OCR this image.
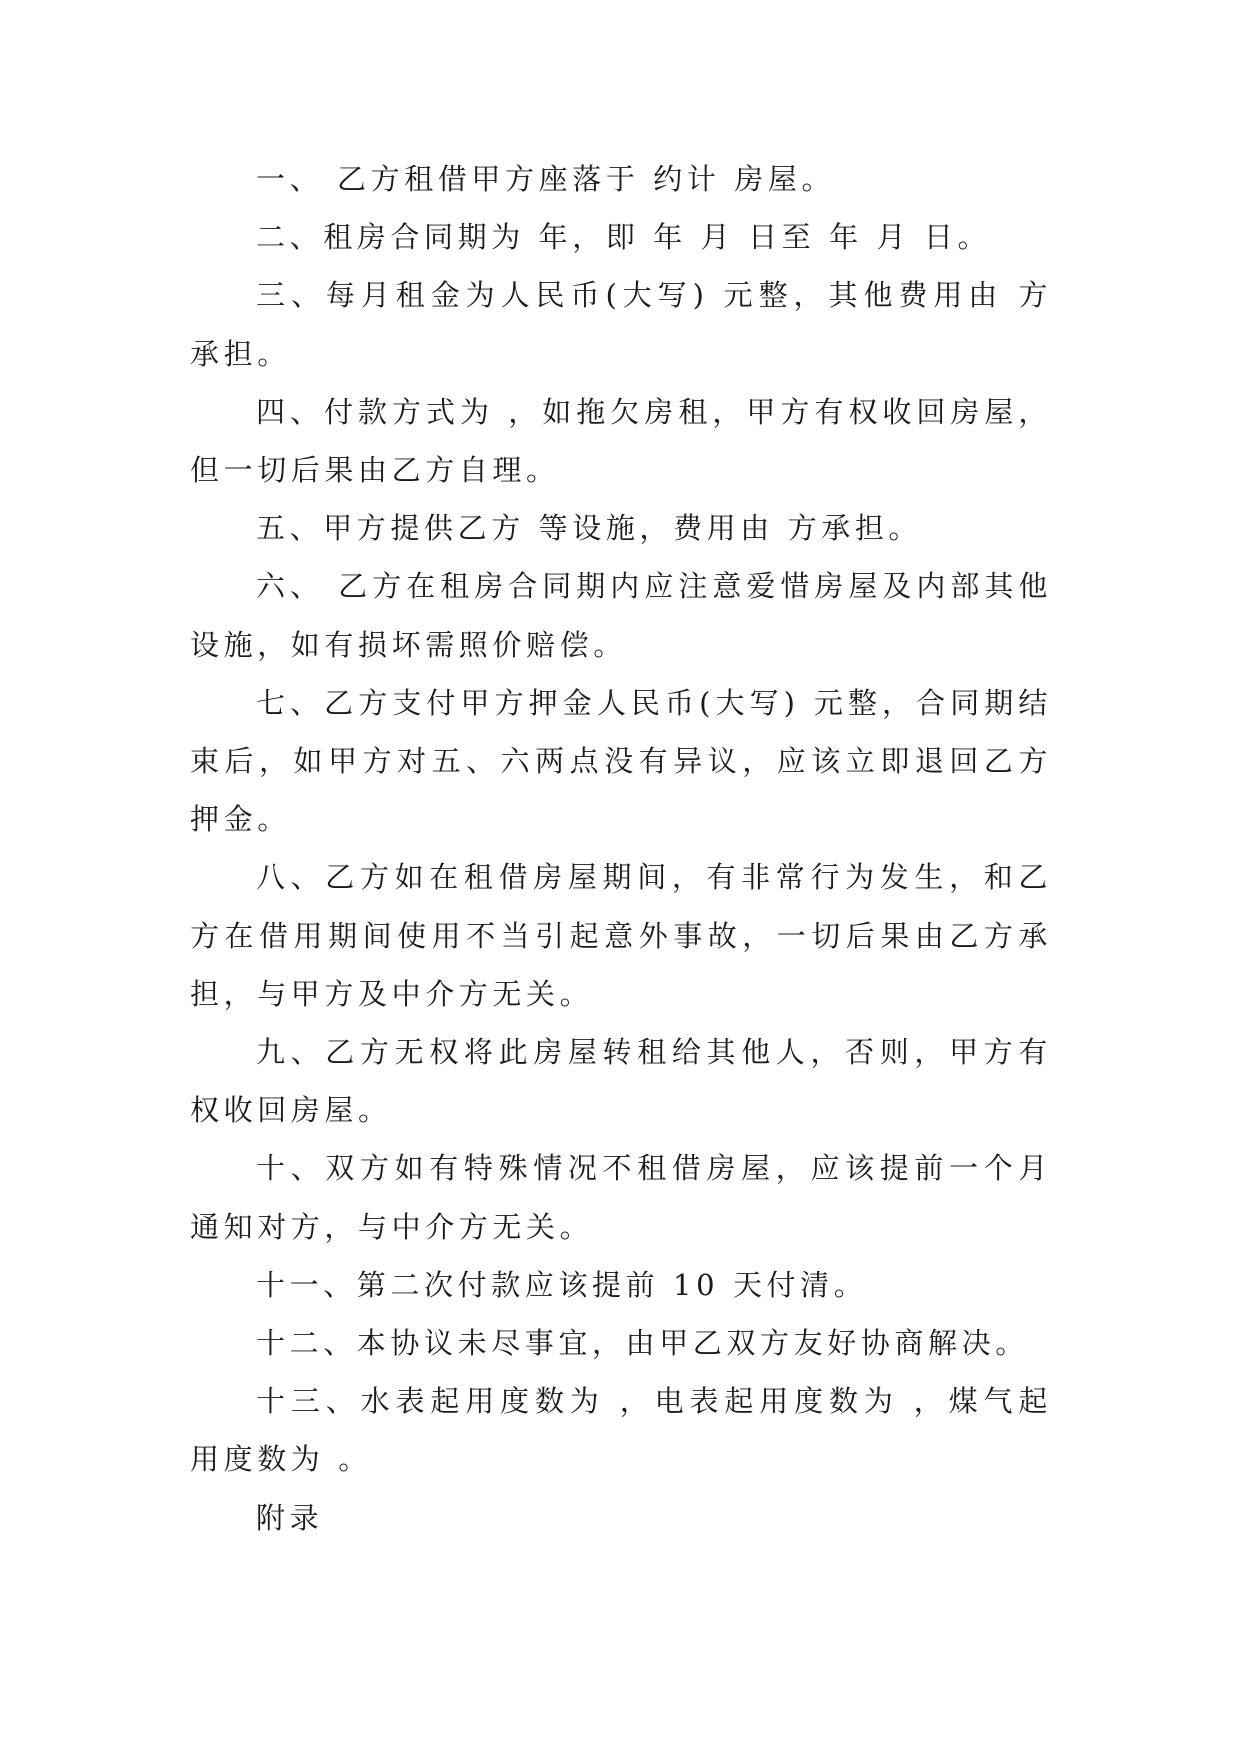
一、 乙方租借甲方座落于 约计 房屋。

二、租房合同期为 年，即 年 月 日至 年 月 日。

三、每月租金为人民币(大写) 元整，其他费用由 方承担。

四、付款方式为 ，如拖欠房租，甲方有权收回房屋，但一切后果由乙方自理。

五、甲方提供乙方 等设施，费用由 方承担。

六、 乙方在租房合同期内应注意爱惜房屋及内部其他设施，如有损坏需照价赔偿。

七、乙方支付甲方押金人民币(大写) 元整，合同期结束后，如甲方对五、六两点没有异议，应该立即退回乙方押金。

八、乙方如在租借房屋期间，有非常行为发生，和乙方在借用期间使用不当引起意外事故，一切后果由乙方承担，与甲方及中介方无关。

九、乙方无权将此房屋转租给其他人，否则，甲方有权收回房屋。

十、双方如有特殊情况不租借房屋，应该提前一个月通知对方，与中介方无关。

十一、第二次付款应该提前 10 天付清。

十二、本协议未尽事宜，由甲乙双方友好协商解决。

十三、水表起用度数为 ，电表起用度数为 ，煤气起用度数为 。

附录
